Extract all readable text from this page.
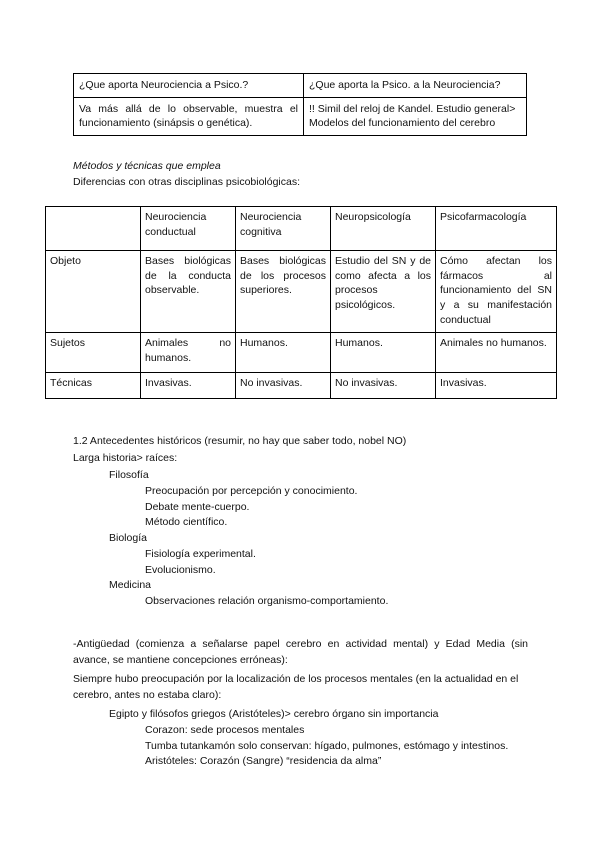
¿Que aporta Neurociencia a Psico.?	¿Que aporta la Psico. a la Neurociencia?
Va más allá de lo observable, muestra el funcionamiento (sinápsis o genética).	!! Simil del reloj de Kandel. Estudio general> Modelos del funcionamiento del cerebro
Métodos y técnicas que emplea
Diferencias con otras disciplinas psicobiológicas:
	Neurociencia conductual	Neurociencia cognitiva	Neuropsicología	Psicofarmacología
Objeto	Bases biológicas de la conducta observable.	Bases biológicas de los procesos superiores.	Estudio del SN y de como afecta a los procesos psicológicos.	Cómo afectan los fármacos al funcionamiento del SN y a su manifestación conductual
Sujetos	Animales no humanos.	Humanos.	Humanos.	Animales no humanos.
Técnicas	Invasivas.	No invasivas.	No invasivas.	Invasivas.
1.2 Antecedentes históricos (resumir, no hay que saber todo, nobel NO)
Larga historia> raíces:
● Filosofía
○ Preocupación por percepción y conocimiento.
○ Debate mente-cuerpo.
○ Método científico.
● Biología
○ Fisiología experimental.
○ Evolucionismo.
● Medicina
○ Observaciones relación organismo-comportamiento.
-Antigüedad (comienza a señalarse papel cerebro en actividad mental) y Edad Media (sin avance, se mantiene concepciones erróneas):
Siempre hubo preocupación por la localización de los procesos mentales (en la actualidad en el cerebro, antes no estaba claro):
● Egipto y filósofos griegos (Aristóteles)> cerebro órgano sin importancia
○ Corazon: sede procesos mentales
○ Tumba tutankamón solo conservan: hígado, pulmones, estómago y intestinos.
○ Aristóteles: Corazón (Sangre) “residencia da alma”
